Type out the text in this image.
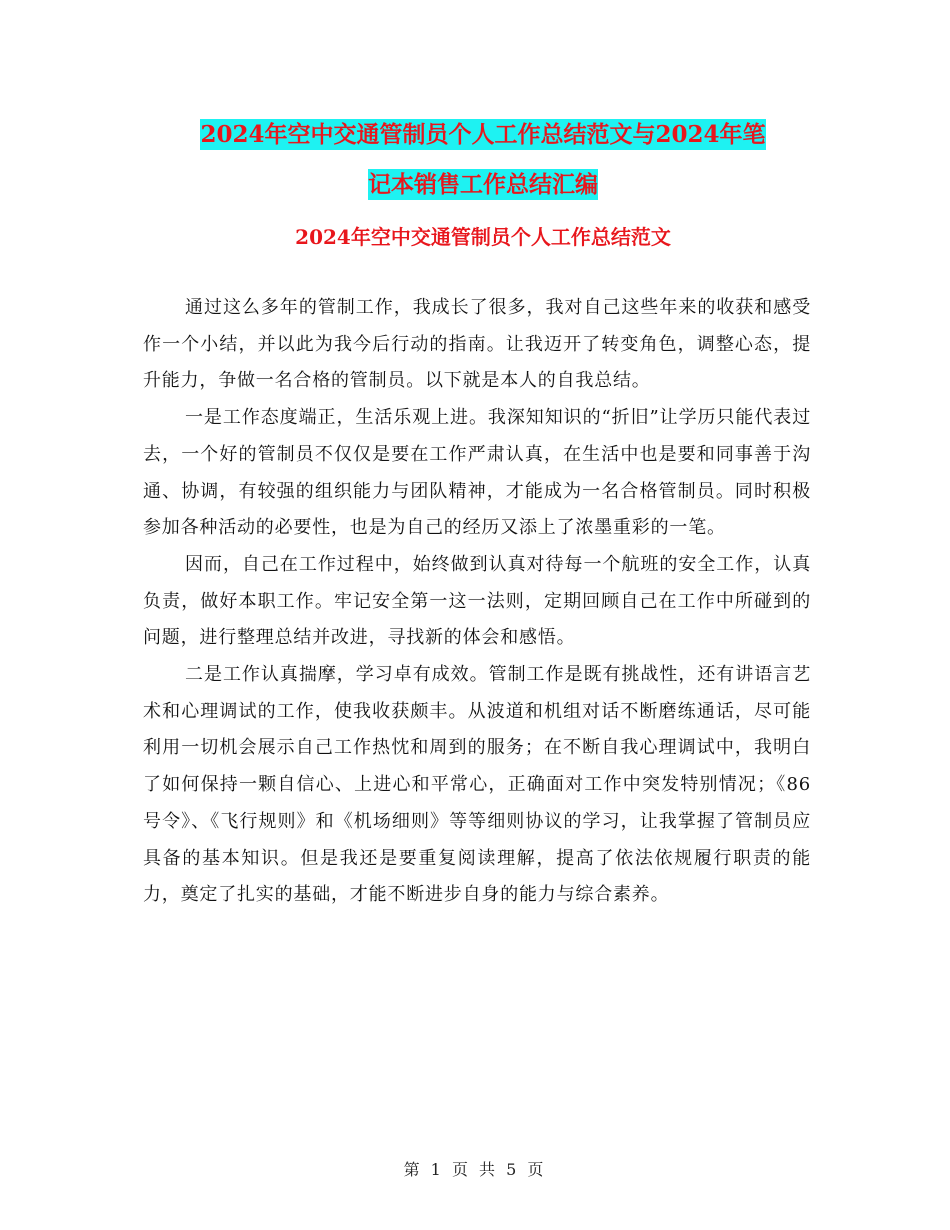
2024年空中交通管制员个人工作总结范文与2024年笔
记本销售工作总结汇编
2024年空中交通管制员个人工作总结范文

通过这么多年的管制工作，我成长了很多，我对自己这些年来的收获和感受作一个小结，并以此为我今后行动的指南。让我迈开了转变角色，调整心态，提升能力，争做一名合格的管制员。以下就是本人的自我总结。

一是工作态度端正，生活乐观上进。我深知知识的“折旧”让学历只能代表过去，一个好的管制员不仅仅是要在工作严肃认真，在生活中也是要和同事善于沟通、协调，有较强的组织能力与团队精神，才能成为一名合格管制员。同时积极参加各种活动的必要性，也是为自己的经历又添上了浓墨重彩的一笔。

因而，自己在工作过程中，始终做到认真对待每一个航班的安全工作，认真负责，做好本职工作。牢记安全第一这一法则，定期回顾自己在工作中所碰到的问题，进行整理总结并改进，寻找新的体会和感悟。

二是工作认真揣摩，学习卓有成效。管制工作是既有挑战性，还有讲语言艺术和心理调试的工作，使我收获颇丰。从波道和机组对话不断磨练通话，尽可能利用一切机会展示自己工作热忱和周到的服务；在不断自我心理调试中，我明白了如何保持一颗自信心、上进心和平常心，正确面对工作中突发特别情况；《86号令》、《飞行规则》和《机场细则》等等细则协议的学习，让我掌握了管制员应具备的基本知识。但是我还是要重复阅读理解，提高了依法依规履行职责的能力，奠定了扎实的基础，才能不断进步自身的能力与综合素养。

第 1 页 共 5 页
